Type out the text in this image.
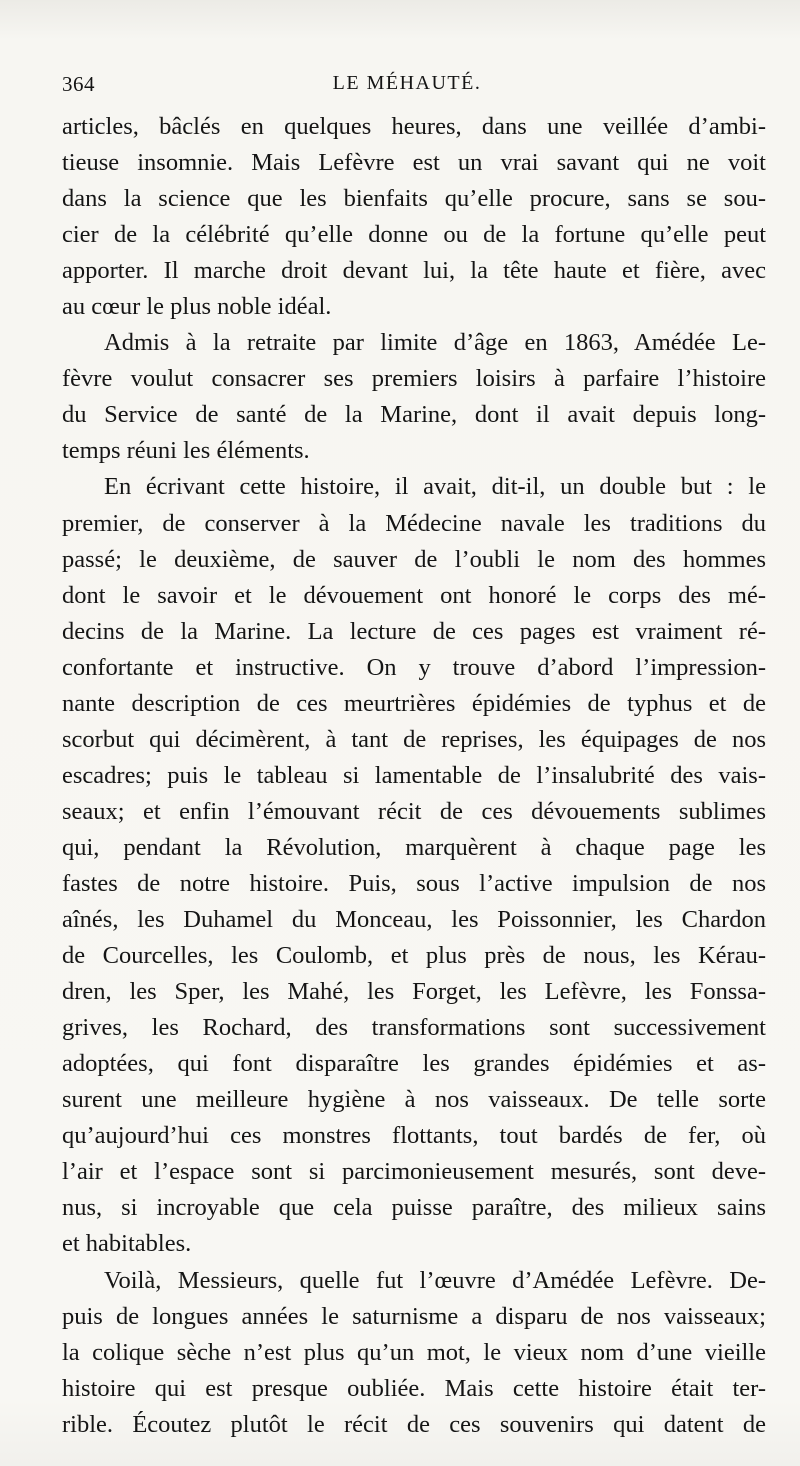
364	LE MÉHAUTÉ.
articles, bâclés en quelques heures, dans une veillée d’ambi-
tieuse insomnie. Mais Lefèvre est un vrai savant qui ne voit
dans la science que les bienfaits qu’elle procure, sans se sou-
cier de la célébrité qu’elle donne ou de la fortune qu’elle peut
apporter. Il marche droit devant lui, la tête haute et fière, avec
au cœur le plus noble idéal.
Admis à la retraite par limite d’âge en 1863, Amédée Le-
fèvre voulut consacrer ses premiers loisirs à parfaire l’histoire
du Service de santé de la Marine, dont il avait depuis long-
temps réuni les éléments.
En écrivant cette histoire, il avait, dit-il, un double but : le
premier, de conserver à la Médecine navale les traditions du
passé; le deuxième, de sauver de l’oubli le nom des hommes
dont le savoir et le dévouement ont honoré le corps des mé-
decins de la Marine. La lecture de ces pages est vraiment ré-
confortante et instructive. On y trouve d’abord l’impression-
nante description de ces meurtrières épidémies de typhus et de
scorbut qui décimèrent, à tant de reprises, les équipages de nos
escadres; puis le tableau si lamentable de l’insalubrité des vais-
seaux; et enfin l’émouvant récit de ces dévouements sublimes
qui, pendant la Révolution, marquèrent à chaque page les
fastes de notre histoire. Puis, sous l’active impulsion de nos
aînés, les Duhamel du Monceau, les Poissonnier, les Chardon
de Courcelles, les Coulomb, et plus près de nous, les Kérau-
dren, les Sper, les Mahé, les Forget, les Lefèvre, les Fonssa-
grives, les Rochard, des transformations sont successivement
adoptées, qui font disparaître les grandes épidémies et as-
surent une meilleure hygiène à nos vaisseaux. De telle sorte
qu’aujourd’hui ces monstres flottants, tout bardés de fer, où
l’air et l’espace sont si parcimonieusement mesurés, sont deve-
nus, si incroyable que cela puisse paraître, des milieux sains
et habitables.
Voilà, Messieurs, quelle fut l’œuvre d’Amédée Lefèvre. De-
puis de longues années le saturnisme a disparu de nos vaisseaux;
la colique sèche n’est plus qu’un mot, le vieux nom d’une vieille
histoire qui est presque oubliée. Mais cette histoire était ter-
rible. Écoutez plutôt le récit de ces souvenirs qui datent de
